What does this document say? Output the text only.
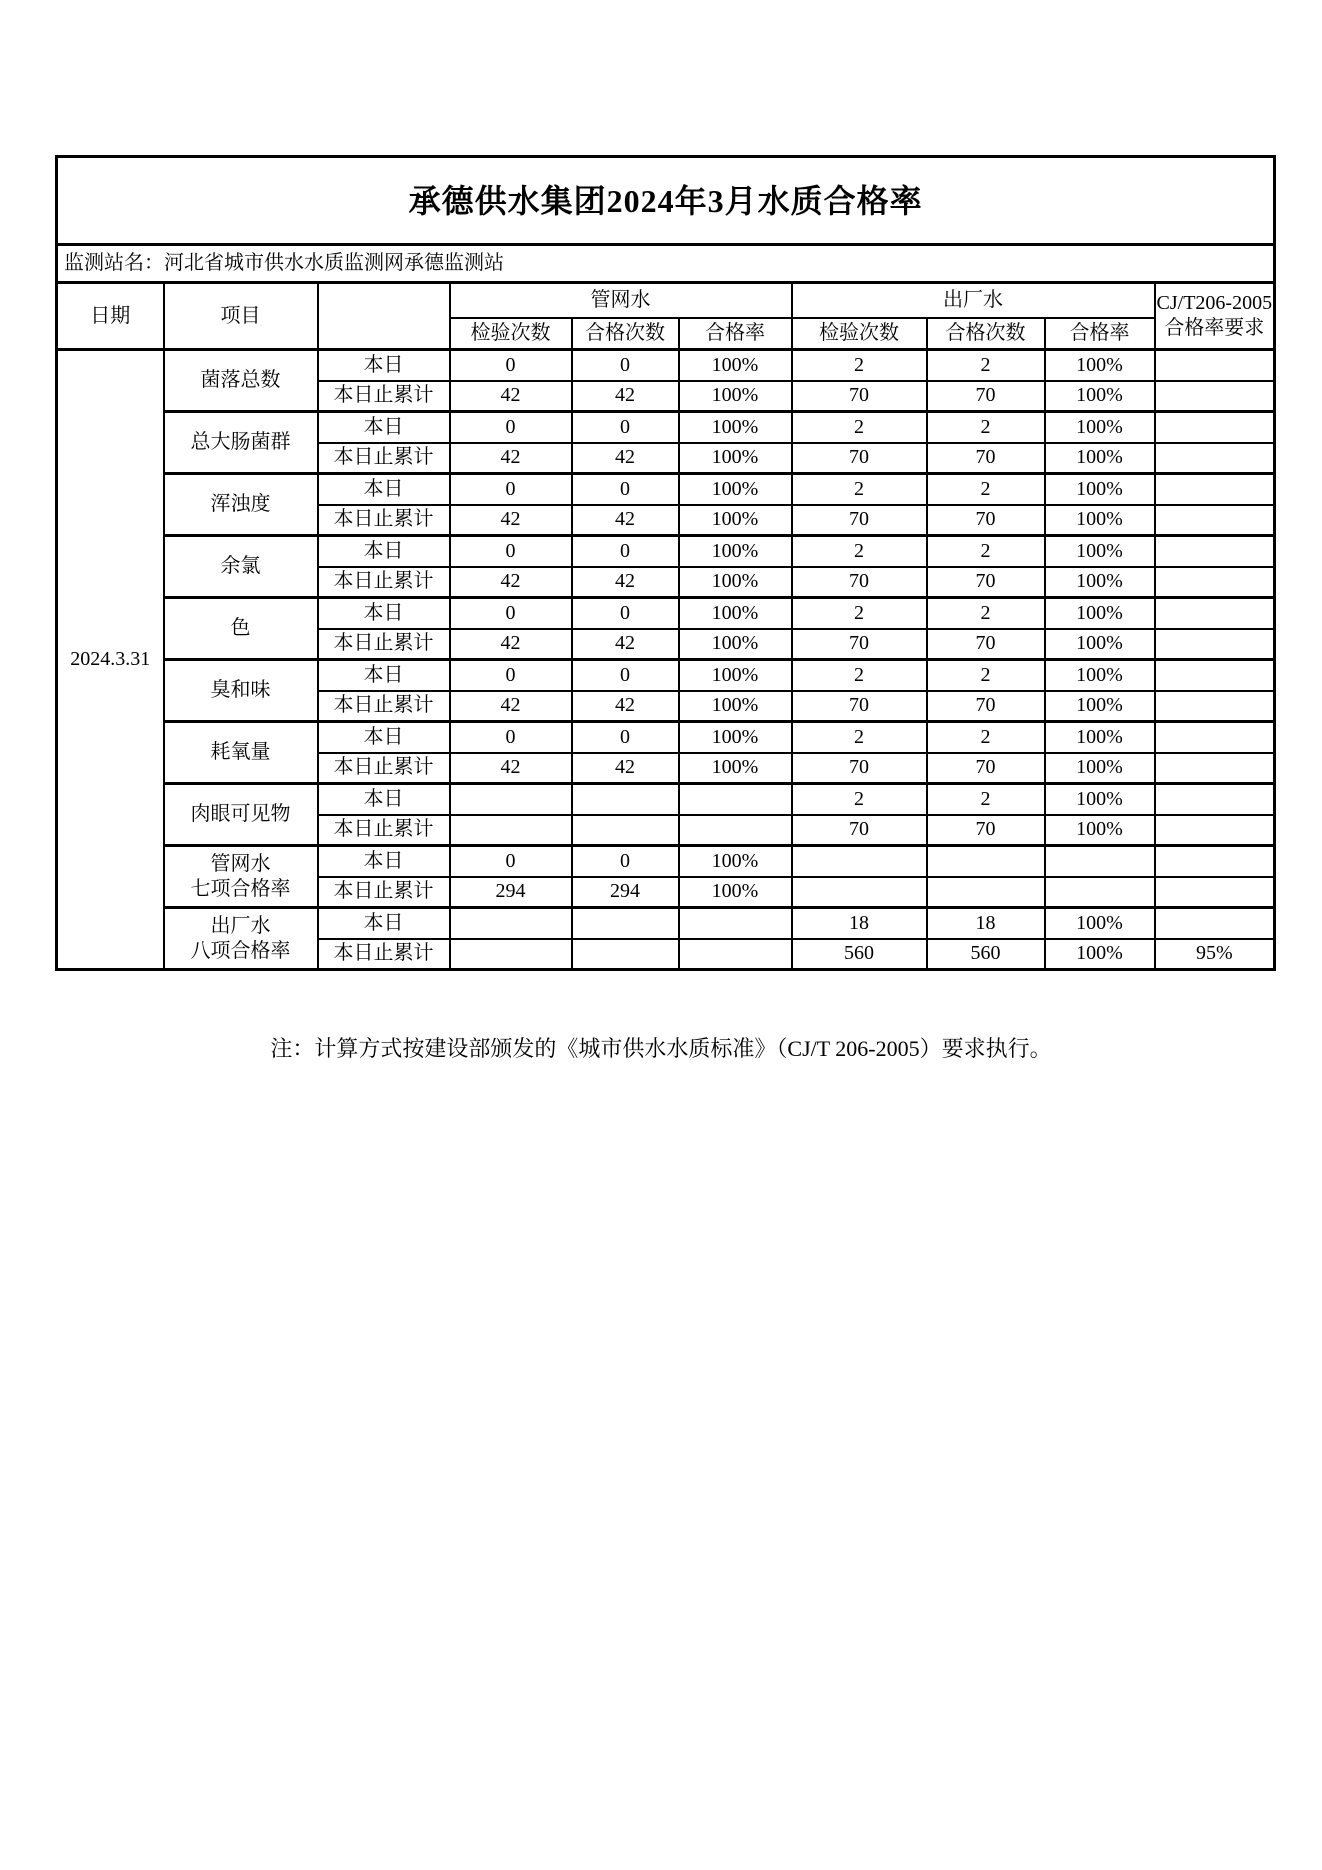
承德供水集团2024年3月水质合格率									
监测站名：河北省城市供水水质监测网承德监测站									
日期	项目		管网水			出厂水			CJ/T206-2005
合格率要求

			检验次数	合格次数	合格率	检验次数	合格次数	合格率	
2024.3.31	菌落总数	本日	0	0	100%	2	2	100%	
		本日止累计	42	42	100%	70	70	100%	

	总大肠菌群	本日	0	0	100%	2	2	100%	
		本日止累计	42	42	100%	70	70	100%	

	浑浊度	本日	0	0	100%	2	2	100%	
		本日止累计	42	42	100%	70	70	100%	

	余氯	本日	0	0	100%	2	2	100%	
		本日止累计	42	42	100%	70	70	100%	

	色	本日	0	0	100%	2	2	100%	
		本日止累计	42	42	100%	70	70	100%	

	臭和味	本日	0	0	100%	2	2	100%	
		本日止累计	42	42	100%	70	70	100%	

	耗氧量	本日	0	0	100%	2	2	100%	
		本日止累计	42	42	100%	70	70	100%	

	肉眼可见物	本日				2	2	100%	
		本日止累计				70	70	100%	

	管网水
七项合格率	本日	0	0	100%				
		本日止累计	294	294	100%				

	出厂水
八项合格率	本日				18	18	100%	
		本日止累计				560	560	100%	95%
注：计算方式按建设部颁发的《城市供水水质标准》（CJ/T 206-2005）要求执行。
